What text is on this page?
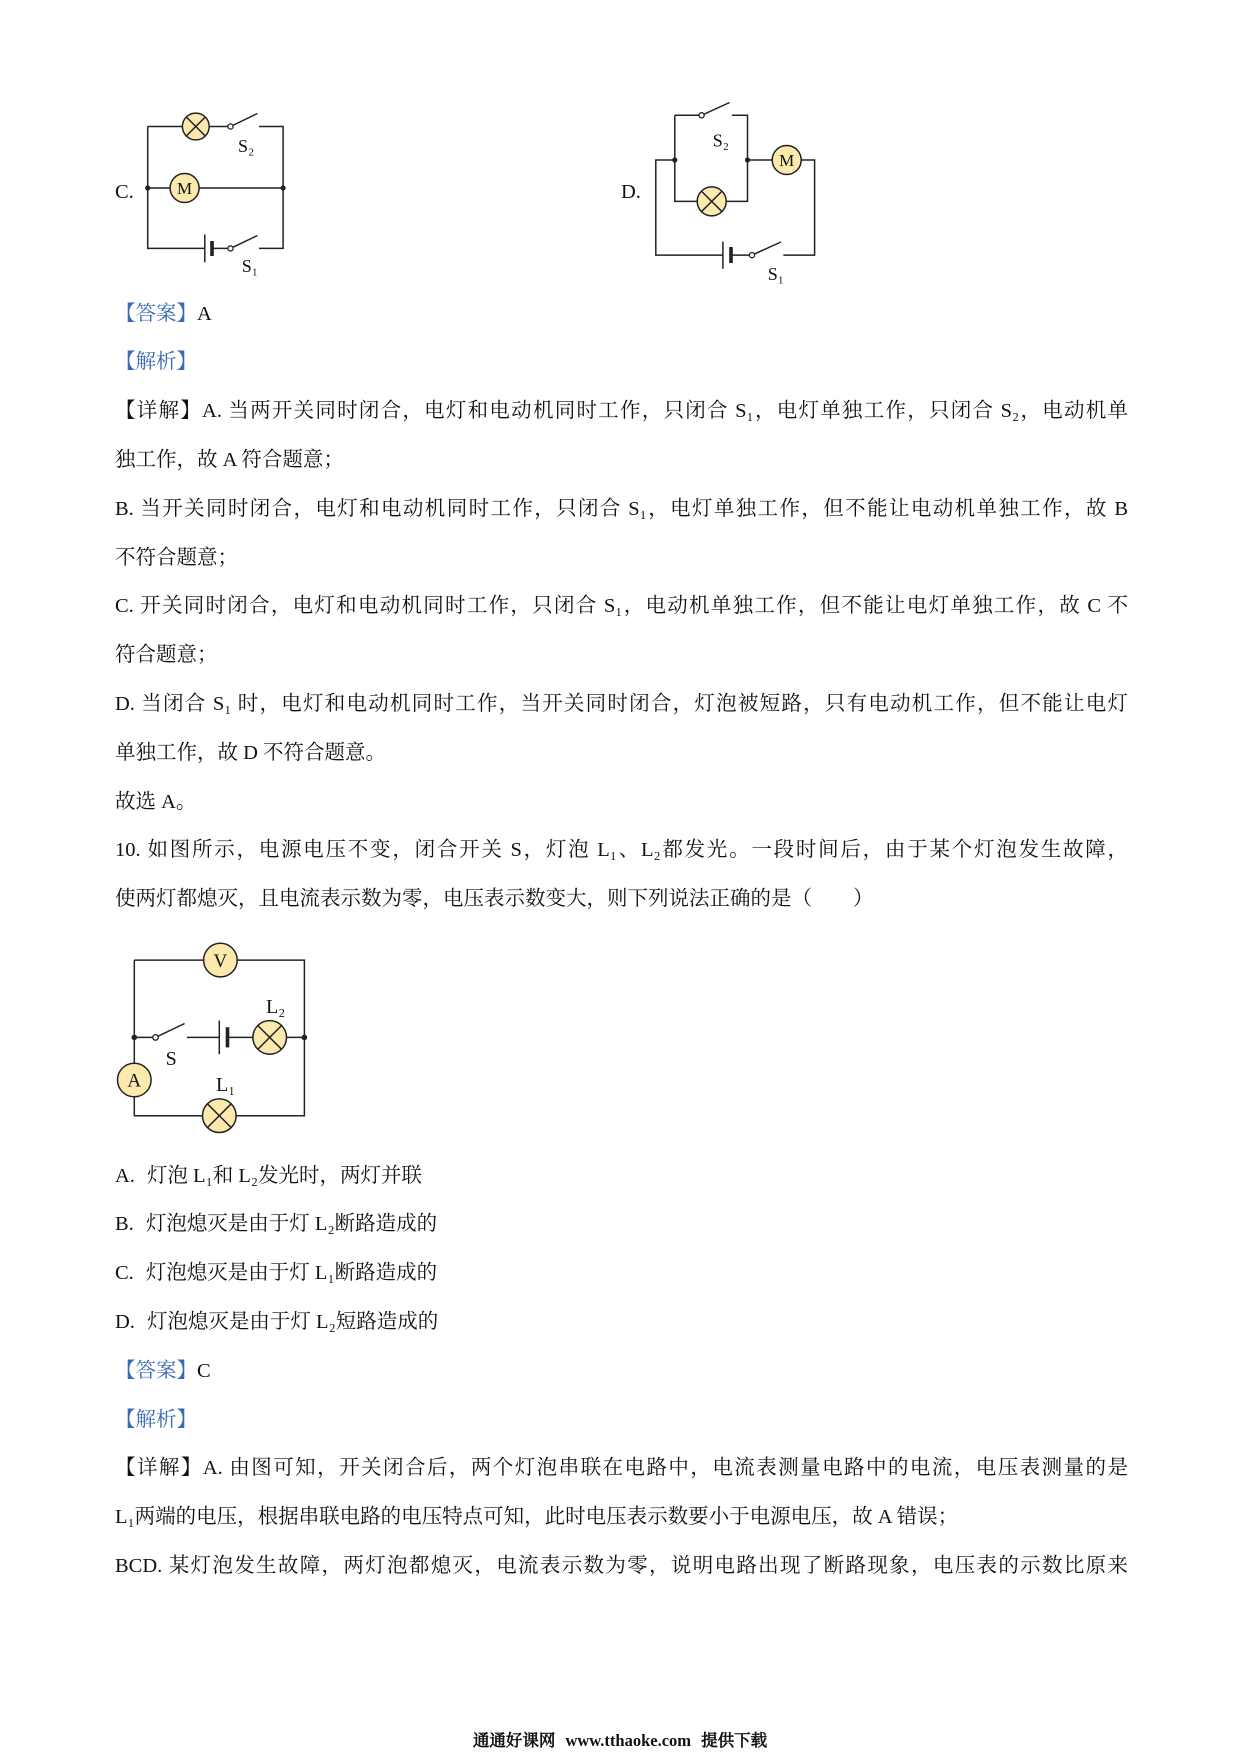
C.
S₂
M
S₁
D.
S₂
M
S₁
【答案】A
【解析】
【详解】A. 当两开关同时闭合，电灯和电动机同时工作，只闭合 S₁，电灯单独工作，只闭合 S₂，电动机单
独工作，故 A 符合题意；
B. 当开关同时闭合，电灯和电动机同时工作，只闭合 S₁，电灯单独工作，但不能让电动机单独工作，故 B
不符合题意；
C. 开关同时闭合，电灯和电动机同时工作，只闭合 S₁，电动机单独工作，但不能让电灯单独工作，故 C 不
符合题意；
D. 当闭合 S₁ 时，电灯和电动机同时工作，当开关同时闭合，灯泡被短路，只有电动机工作，但不能让电灯
单独工作，故 D 不符合题意。
故选 A。
10. 如图所示，电源电压不变，闭合开关 S，灯泡 L₁、L₂都发光。一段时间后，由于某个灯泡发生故障，
使两灯都熄灭，且电流表示数为零，电压表示数变大，则下列说法正确的是（　　）
V
A
S
L₂
L₁
A. 灯泡 L₁和 L₂发光时，两灯并联
B. 灯泡熄灭是由于灯 L₂断路造成的
C. 灯泡熄灭是由于灯 L₁断路造成的
D. 灯泡熄灭是由于灯 L₂短路造成的
【答案】C
【解析】
【详解】A. 由图可知，开关闭合后，两个灯泡串联在电路中，电流表测量电路中的电流，电压表测量的是
L₁两端的电压，根据串联电路的电压特点可知，此时电压表示数要小于电源电压，故 A 错误；
BCD. 某灯泡发生故障，两灯泡都熄灭，电流表示数为零，说明电路出现了断路现象，电压表的示数比原来
通通好课网 www.tthaoke.com 提供下载
